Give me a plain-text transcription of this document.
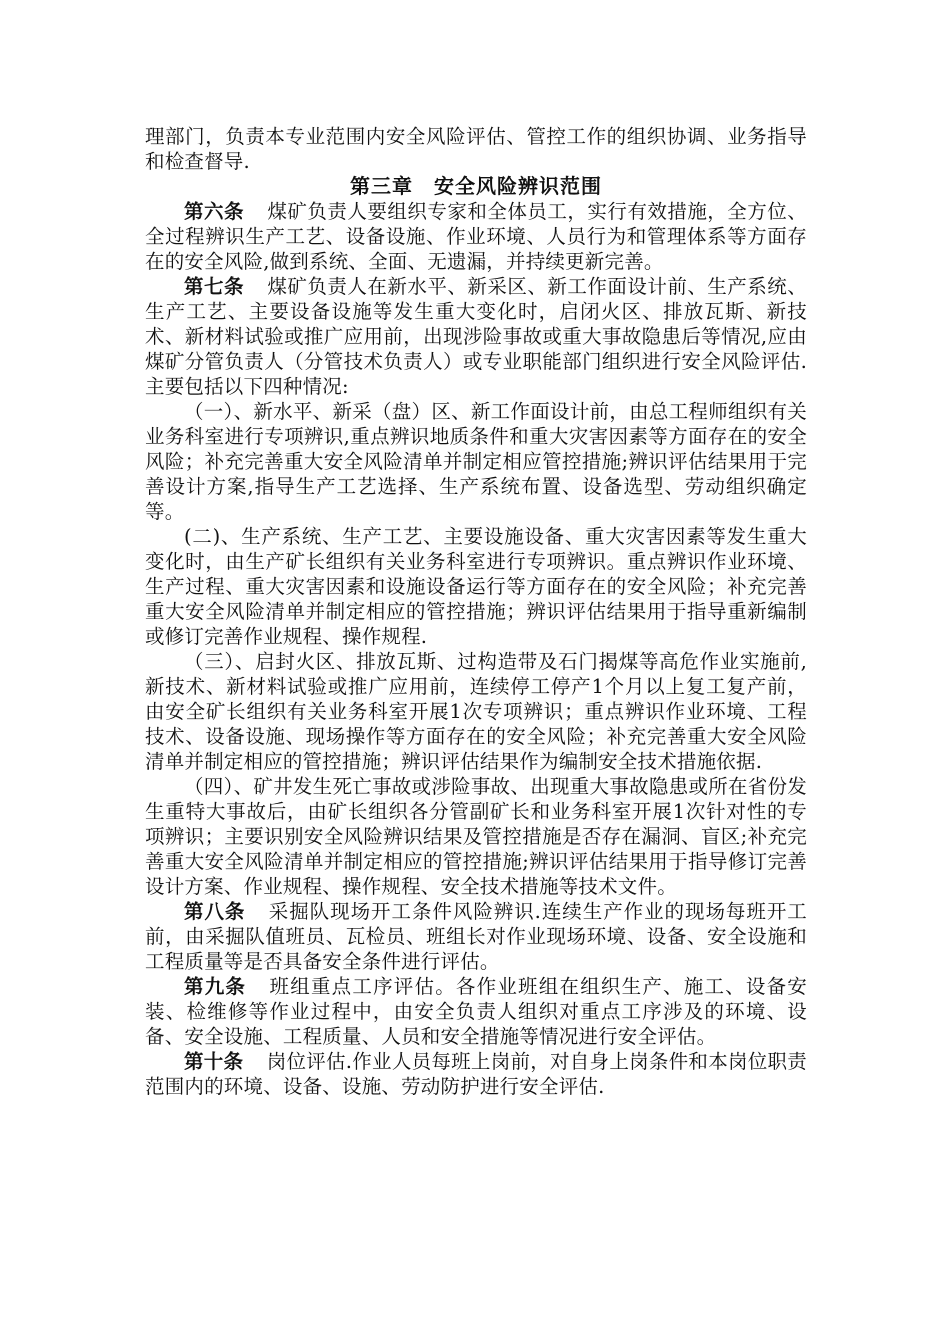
理部门，负责本专业范围内安全风险评估、管控工作的组织协调、业务指导和检查督导.

第三章　安全风险辨识范围

第六条 煤矿负责人要组织专家和全体员工，实行有效措施，全方位、全过程辨识生产工艺、设备设施、作业环境、人员行为和管理体系等方面存在的安全风险,做到系统、全面、无遗漏，并持续更新完善。

第七条 煤矿负责人在新水平、新采区、新工作面设计前、生产系统、生产工艺、主要设备设施等发生重大变化时，启闭火区、排放瓦斯、新技术、新材料试验或推广应用前，出现涉险事故或重大事故隐患后等情况,应由煤矿分管负责人（分管技术负责人）或专业职能部门组织进行安全风险评估.主要包括以下四种情况:

（一）、新水平、新采（盘）区、新工作面设计前，由总工程师组织有关业务科室进行专项辨识,重点辨识地质条件和重大灾害因素等方面存在的安全风险；补充完善重大安全风险清单并制定相应管控措施;辨识评估结果用于完善设计方案,指导生产工艺选择、生产系统布置、设备选型、劳动组织确定等。

(二)、生产系统、生产工艺、主要设施设备、重大灾害因素等发生重大变化时，由生产矿长组织有关业务科室进行专项辨识。重点辨识作业环境、生产过程、重大灾害因素和设施设备运行等方面存在的安全风险；补充完善重大安全风险清单并制定相应的管控措施；辨识评估结果用于指导重新编制或修订完善作业规程、操作规程.

（三）、启封火区、排放瓦斯、过构造带及石门揭煤等高危作业实施前,新技术、新材料试验或推广应用前，连续停工停产1个月以上复工复产前，由安全矿长组织有关业务科室开展1次专项辨识；重点辨识作业环境、工程技术、设备设施、现场操作等方面存在的安全风险；补充完善重大安全风险清单并制定相应的管控措施；辨识评估结果作为编制安全技术措施依据.

（四）、矿井发生死亡事故或涉险事故、出现重大事故隐患或所在省份发生重特大事故后，由矿长组织各分管副矿长和业务科室开展1次针对性的专项辨识；主要识别安全风险辨识结果及管控措施是否存在漏洞、盲区;补充完善重大安全风险清单并制定相应的管控措施;辨识评估结果用于指导修订完善设计方案、作业规程、操作规程、安全技术措施等技术文件。

第八条 采掘队现场开工条件风险辨识.连续生产作业的现场每班开工前，由采掘队值班员、瓦检员、班组长对作业现场环境、设备、安全设施和工程质量等是否具备安全条件进行评估。

第九条 班组重点工序评估。各作业班组在组织生产、施工、设备安装、检维修等作业过程中，由安全负责人组织对重点工序涉及的环境、设备、安全设施、工程质量、人员和安全措施等情况进行安全评估。

第十条 岗位评估.作业人员每班上岗前，对自身上岗条件和本岗位职责范围内的环境、设备、设施、劳动防护进行安全评估.
